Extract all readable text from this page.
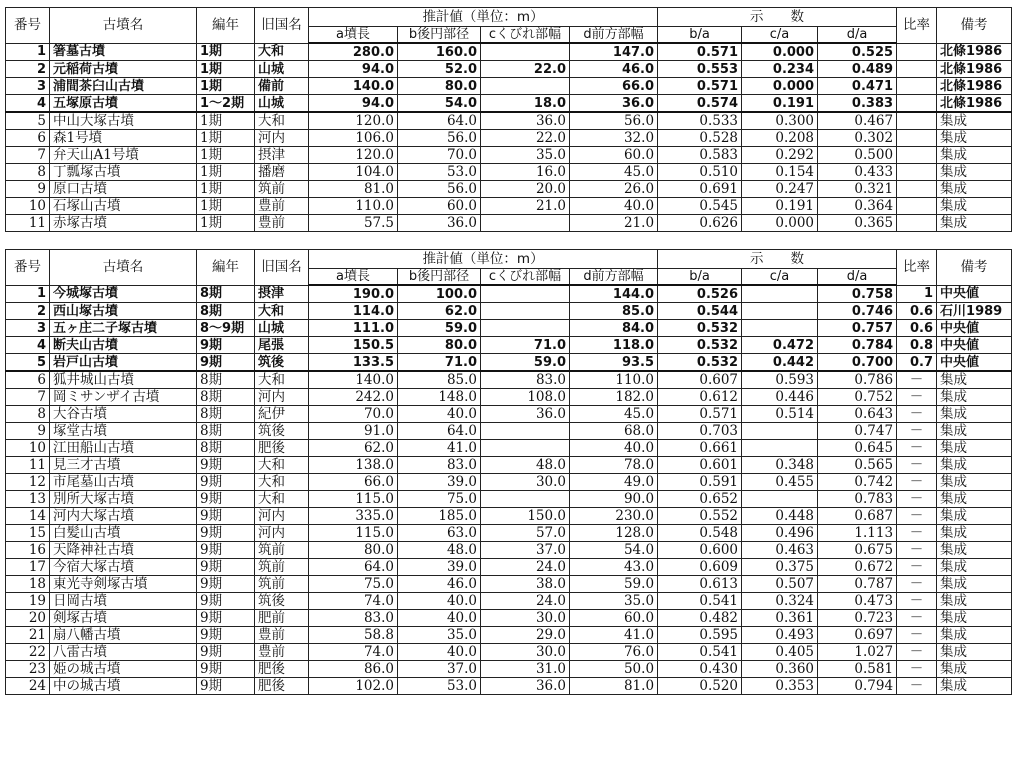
番号	古墳名	編年	旧国名	推計値（単位：m）				示　　数			比率	備考
				a墳長	b後円部径	cくびれ部幅	d前方部幅	b/a	c/a	d/a		
1	箸墓古墳	1期	大和	280.0	160.0		147.0	0.571	0.000	0.525		北條1986
2	元稲荷古墳	1期	山城	94.0	52.0	22.0	46.0	0.553	0.234	0.489		北條1986
3	浦間茶臼山古墳	1期	備前	140.0	80.0		66.0	0.571	0.000	0.471		北條1986
4	五塚原古墳	1～2期	山城	94.0	54.0	18.0	36.0	0.574	0.191	0.383		北條1986
5	中山大塚古墳	1期	大和	120.0	64.0	36.0	56.0	0.533	0.300	0.467		集成
6	森1号墳	1期	河内	106.0	56.0	22.0	32.0	0.528	0.208	0.302		集成
7	弁天山A1号墳	1期	摂津	120.0	70.0	35.0	60.0	0.583	0.292	0.500		集成
8	丁瓢塚古墳	1期	播磨	104.0	53.0	16.0	45.0	0.510	0.154	0.433		集成
9	原口古墳	1期	筑前	81.0	56.0	20.0	26.0	0.691	0.247	0.321		集成
10	石塚山古墳	1期	豊前	110.0	60.0	21.0	40.0	0.545	0.191	0.364		集成
11	赤塚古墳	1期	豊前	57.5	36.0		21.0	0.626	0.000	0.365		集成
番号	古墳名	編年	旧国名	推計値（単位：m）				示　　数			比率	備考
				a墳長	b後円部径	cくびれ部幅	d前方部幅	b/a	c/a	d/a		
1	今城塚古墳	8期	摂津	190.0	100.0		144.0	0.526		0.758	1	中央値
2	西山塚古墳	8期	大和	114.0	62.0		85.0	0.544		0.746	0.6	石川1989
3	五ヶ庄二子塚古墳	8～9期	山城	111.0	59.0		84.0	0.532		0.757	0.6	中央値
4	断夫山古墳	9期	尾張	150.5	80.0	71.0	118.0	0.532	0.472	0.784	0.8	中央値
5	岩戸山古墳	9期	筑後	133.5	71.0	59.0	93.5	0.532	0.442	0.700	0.7	中央値
6	狐井城山古墳	8期	大和	140.0	85.0	83.0	110.0	0.607	0.593	0.786	－	集成
7	岡ミサンザイ古墳	8期	河内	242.0	148.0	108.0	182.0	0.612	0.446	0.752	－	集成
8	大谷古墳	8期	紀伊	70.0	40.0	36.0	45.0	0.571	0.514	0.643	－	集成
9	塚堂古墳	8期	筑後	91.0	64.0		68.0	0.703		0.747	－	集成
10	江田船山古墳	8期	肥後	62.0	41.0		40.0	0.661		0.645	－	集成
11	見三才古墳	9期	大和	138.0	83.0	48.0	78.0	0.601	0.348	0.565	－	集成
12	市尾墓山古墳	9期	大和	66.0	39.0	30.0	49.0	0.591	0.455	0.742	－	集成
13	別所大塚古墳	9期	大和	115.0	75.0		90.0	0.652		0.783	－	集成
14	河内大塚古墳	9期	河内	335.0	185.0	150.0	230.0	0.552	0.448	0.687	－	集成
15	白髪山古墳	9期	河内	115.0	63.0	57.0	128.0	0.548	0.496	1.113	－	集成
16	天降神社古墳	9期	筑前	80.0	48.0	37.0	54.0	0.600	0.463	0.675	－	集成
17	今宿大塚古墳	9期	筑前	64.0	39.0	24.0	43.0	0.609	0.375	0.672	－	集成
18	東光寺剣塚古墳	9期	筑前	75.0	46.0	38.0	59.0	0.613	0.507	0.787	－	集成
19	日岡古墳	9期	筑後	74.0	40.0	24.0	35.0	0.541	0.324	0.473	－	集成
20	剣塚古墳	9期	肥前	83.0	40.0	30.0	60.0	0.482	0.361	0.723	－	集成
21	扇八幡古墳	9期	豊前	58.8	35.0	29.0	41.0	0.595	0.493	0.697	－	集成
22	八雷古墳	9期	豊前	74.0	40.0	30.0	76.0	0.541	0.405	1.027	－	集成
23	姫の城古墳	9期	肥後	86.0	37.0	31.0	50.0	0.430	0.360	0.581	－	集成
24	中の城古墳	9期	肥後	102.0	53.0	36.0	81.0	0.520	0.353	0.794	－	集成
